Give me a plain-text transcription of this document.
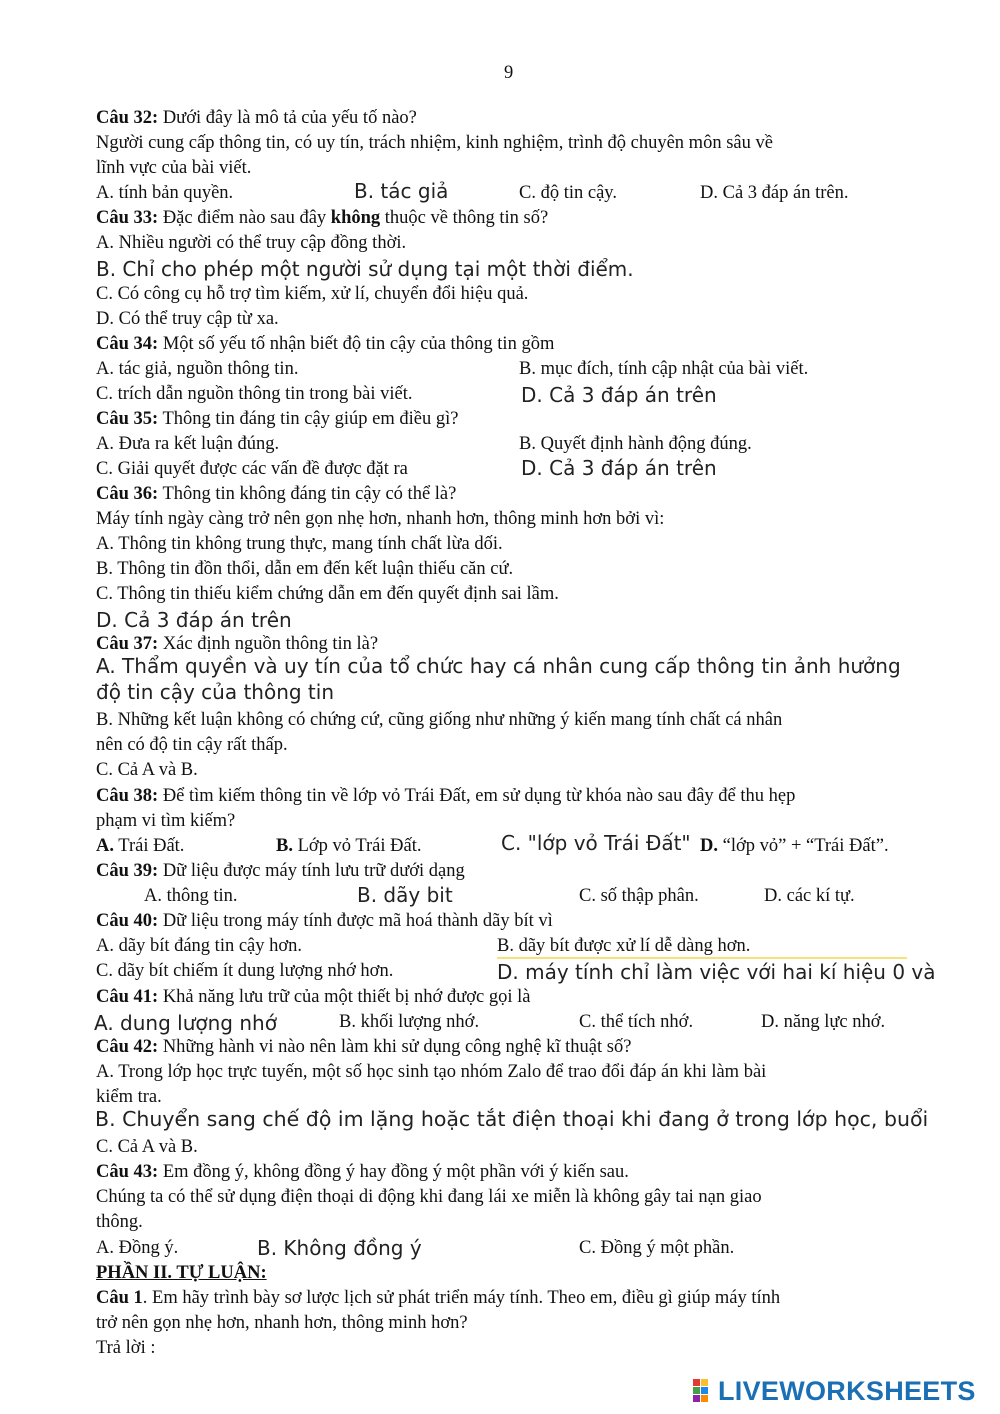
9
Câu 32: Dưới đây là mô tả của yếu tố nào?
Người cung cấp thông tin, có uy tín, trách nhiệm, kinh nghiệm, trình độ chuyên môn sâu về
lĩnh vực của bài viết.
A. tính bản quyền.	B. tác giả	C. độ tin cậy.	D. Cả 3 đáp án trên.
Câu 33: Đặc điểm nào sau đây không thuộc về thông tin số?
A. Nhiều người có thể truy cập đồng thời.
B. Chỉ cho phép một người sử dụng tại một thời điểm.
C. Có công cụ hỗ trợ tìm kiếm, xử lí, chuyển đổi hiệu quả.
D. Có thể truy cập từ xa.
Câu 34: Một số yếu tố nhận biết độ tin cậy của thông tin gồm
A. tác giả, nguồn thông tin.	B. mục đích, tính cập nhật của bài viết.
C. trích dẫn nguồn thông tin trong bài viết.	D. Cả 3 đáp án trên
Câu 35: Thông tin đáng tin cậy giúp em điều gì?
A. Đưa ra kết luận đúng.	B. Quyết định hành động đúng.
C. Giải quyết được các vấn đề được đặt ra	D. Cả 3 đáp án trên
Câu 36: Thông tin không đáng tin cậy có thể là?
Máy tính ngày càng trở nên gọn nhẹ hơn, nhanh hơn, thông minh hơn bởi vì:
A. Thông tin không trung thực, mang tính chất lừa dối.
B. Thông tin đồn thổi, dẫn em đến kết luận thiếu căn cứ.
C. Thông tin thiếu kiểm chứng dẫn em đến quyết định sai lầm.
D. Cả 3 đáp án trên
Câu 37: Xác định nguồn thông tin là?
A. Thẩm quyền và uy tín của tổ chức hay cá nhân cung cấp thông tin ảnh hưởng
độ tin cậy của thông tin
B. Những kết luận không có chứng cứ, cũng giống như những ý kiến mang tính chất cá nhân
nên có độ tin cậy rất thấp.
C. Cả A và B.
Câu 38: Để tìm kiếm thông tin về lớp vỏ Trái Đất, em sử dụng từ khóa nào sau đây để thu hẹp
phạm vi tìm kiếm?
A. Trái Đất.	B. Lớp vỏ Trái Đất.	C. "lớp vỏ Trái Đất" D. “lớp vỏ” + “Trái Đất”.
Câu 39: Dữ liệu được máy tính lưu trữ dưới dạng
A. thông tin.	B. dãy bit	C. số thập phân.	D. các kí tự.
Câu 40: Dữ liệu trong máy tính được mã hoá thành dãy bít vì
A. dãy bít đáng tin cậy hơn.	B. dãy bít được xử lí dễ dàng hơn.
C. dãy bít chiếm ít dung lượng nhớ hơn.	D. máy tính chỉ làm việc với hai kí hiệu 0 và
Câu 41: Khả năng lưu trữ của một thiết bị nhớ được gọi là
A. dung lượng nhớ	B. khối lượng nhớ.	C. thể tích nhớ.	D. năng lực nhớ.
Câu 42: Những hành vi nào nên làm khi sử dụng công nghệ kĩ thuật số?
A. Trong lớp học trực tuyến, một số học sinh tạo nhóm Zalo để trao đổi đáp án khi làm bài
kiểm tra.
B. Chuyển sang chế độ im lặng hoặc tắt điện thoại khi đang ở trong lớp học, buổi
C. Cả A và B.
Câu 43: Em đồng ý, không đồng ý hay đồng ý một phần với ý kiến sau.
Chúng ta có thể sử dụng điện thoại di động khi đang lái xe miễn là không gây tai nạn giao
thông.
A. Đồng ý.	B. Không đồng ý	C. Đồng ý một phần.
PHẦN II. TỰ LUẬN:
Câu 1. Em hãy trình bày sơ lược lịch sử phát triển máy tính. Theo em, điều gì giúp máy tính
trở nên gọn nhẹ hơn, nhanh hơn, thông minh hơn?
Trả lời :
LIVEWORKSHEETS
